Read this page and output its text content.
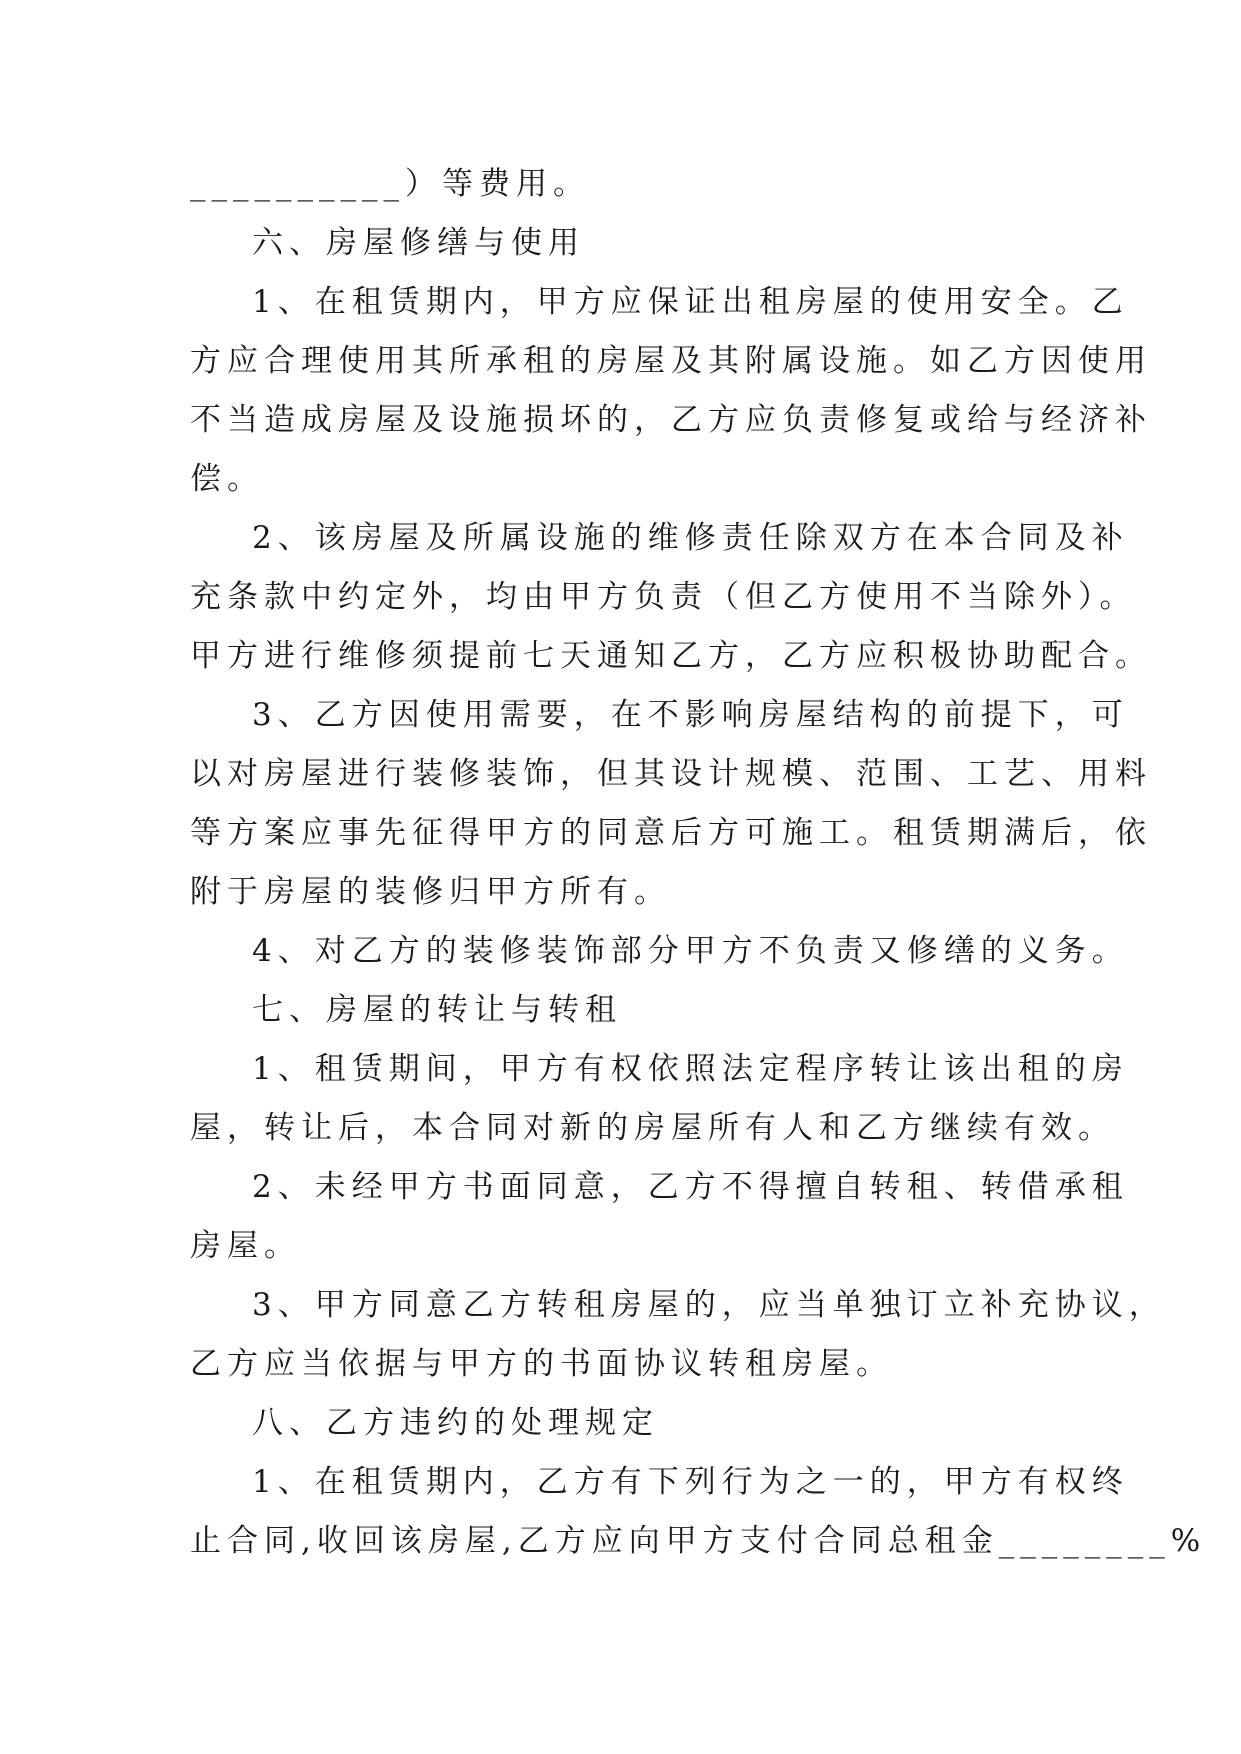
__________）等费用。
六、房屋修缮与使用
1、在租赁期内，甲方应保证出租房屋的使用安全。乙
方应合理使用其所承租的房屋及其附属设施。如乙方因使用
不当造成房屋及设施损坏的，乙方应负责修复或给与经济补
偿。
2、该房屋及所属设施的维修责任除双方在本合同及补
充条款中约定外，均由甲方负责（但乙方使用不当除外）。
甲方进行维修须提前七天通知乙方，乙方应积极协助配合。
3、乙方因使用需要，在不影响房屋结构的前提下，可
以对房屋进行装修装饰，但其设计规模、范围、工艺、用料
等方案应事先征得甲方的同意后方可施工。租赁期满后，依
附于房屋的装修归甲方所有。
4、对乙方的装修装饰部分甲方不负责又修缮的义务。
七、房屋的转让与转租
1、租赁期间，甲方有权依照法定程序转让该出租的房
屋，转让后，本合同对新的房屋所有人和乙方继续有效。
2、未经甲方书面同意，乙方不得擅自转租、转借承租
房屋。
3、甲方同意乙方转租房屋的，应当单独订立补充协议，
乙方应当依据与甲方的书面协议转租房屋。
八、乙方违约的处理规定
1、在租赁期内，乙方有下列行为之一的，甲方有权终
止合同,收回该房屋,乙方应向甲方支付合同总租金________%
